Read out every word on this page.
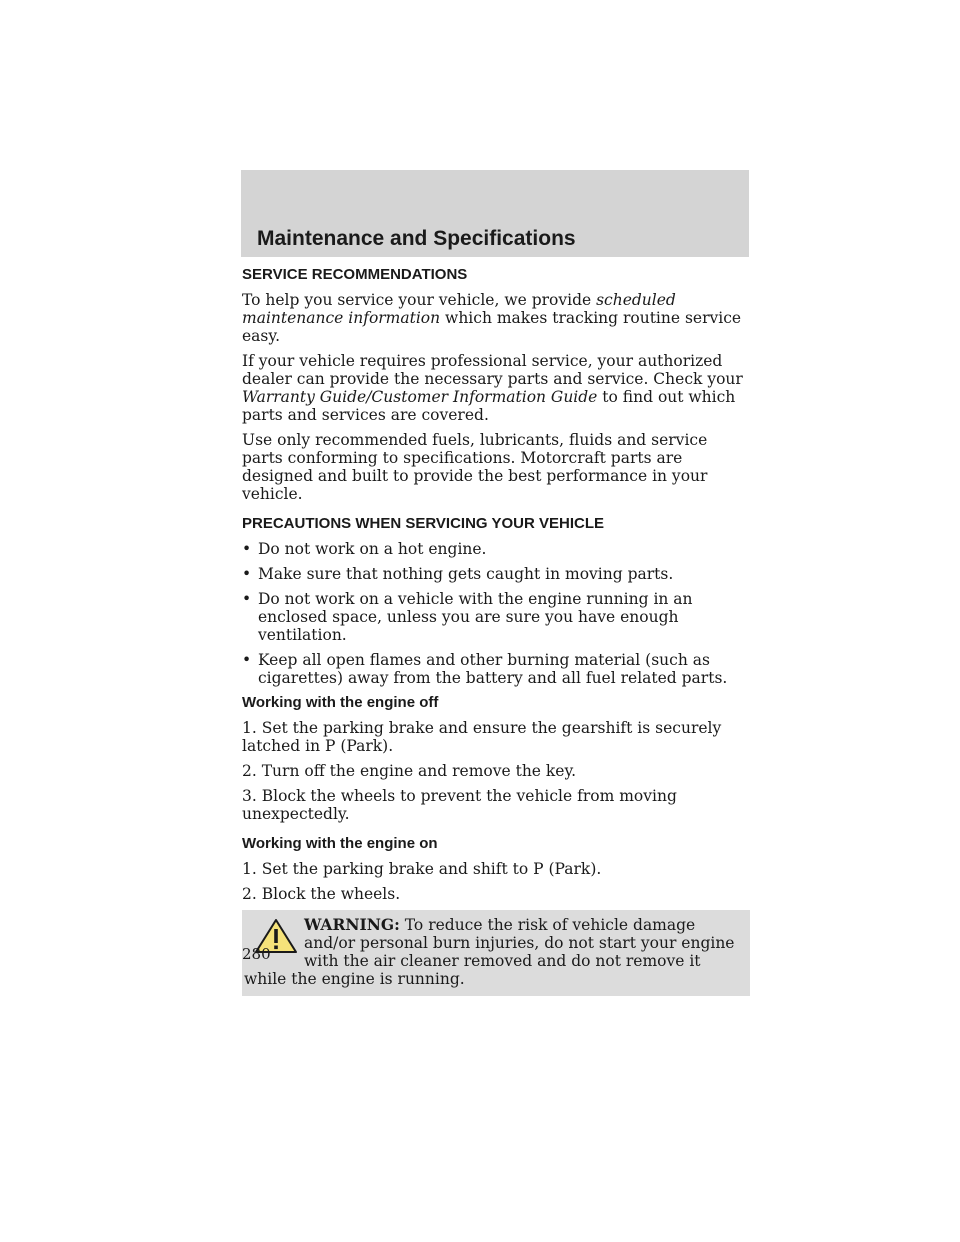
Maintenance and Specifications
SERVICE RECOMMENDATIONS

To help you service your vehicle, we provide scheduled maintenance information which makes tracking routine service easy.

If your vehicle requires professional service, your authorized dealer can provide the necessary parts and service. Check your Warranty Guide/Customer Information Guide to find out which parts and services are covered.

Use only recommended fuels, lubricants, fluids and service parts conforming to specifications. Motorcraft parts are designed and built to provide the best performance in your vehicle.

PRECAUTIONS WHEN SERVICING YOUR VEHICLE
• Do not work on a hot engine.
• Make sure that nothing gets caught in moving parts.
• Do not work on a vehicle with the engine running in an enclosed space, unless you are sure you have enough ventilation.
• Keep all open flames and other burning material (such as cigarettes) away from the battery and all fuel related parts.
Working with the engine off

1. Set the parking brake and ensure the gearshift is securely latched in P (Park).

2. Turn off the engine and remove the key.

3. Block the wheels to prevent the vehicle from moving unexpectedly.

Working with the engine on

1. Set the parking brake and shift to P (Park).

2. Block the wheels.

WARNING: To reduce the risk of vehicle damage and/or personal burn injuries, do not start your engine with the air cleaner removed and do not remove it while the engine is running.
280
